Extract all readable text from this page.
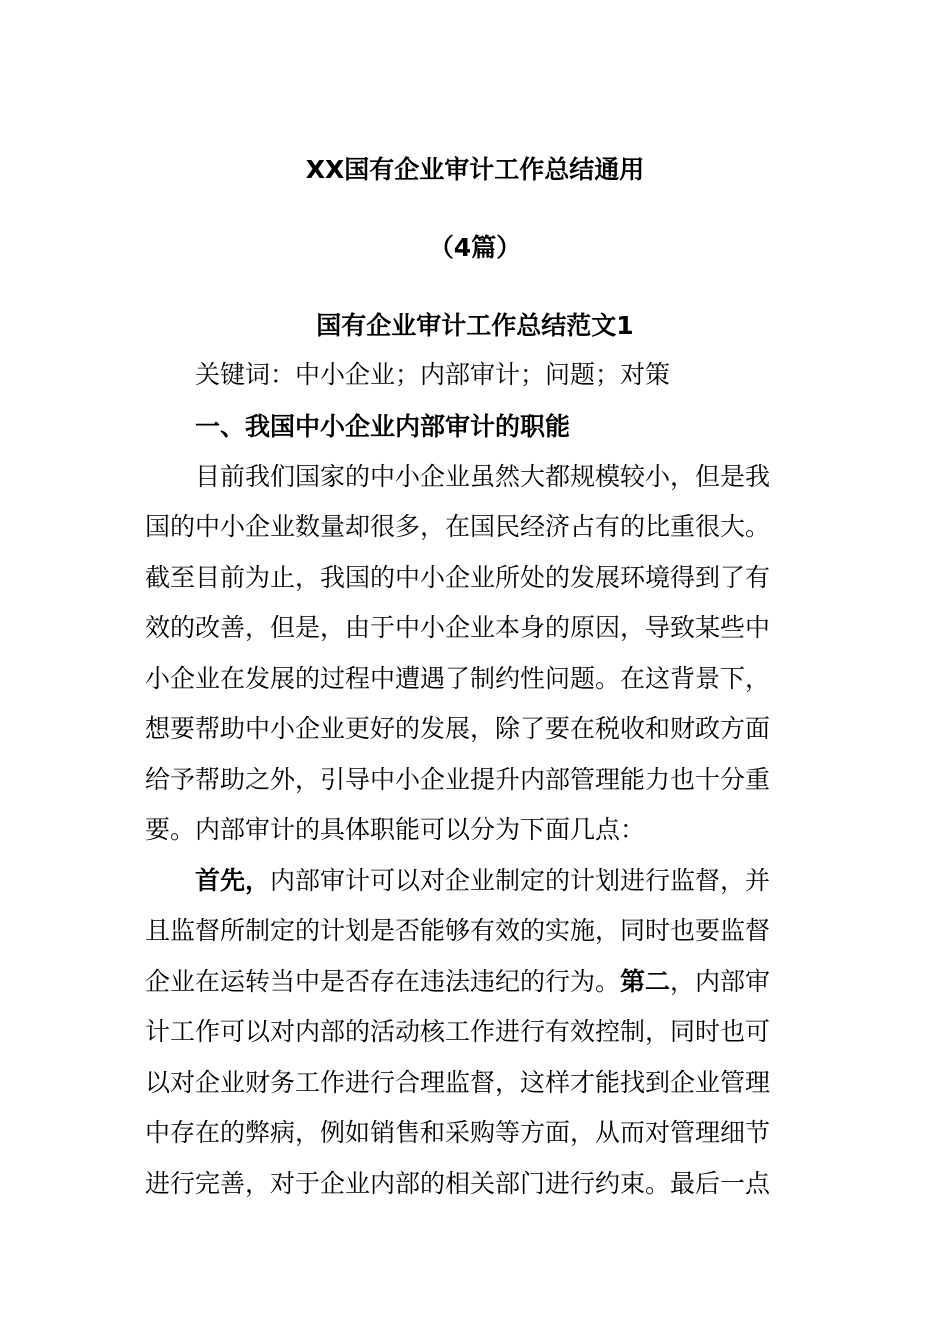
XX国有企业审计工作总结通用
（4篇）
国有企业审计工作总结范文1
关键词：中小企业；内部审计；问题；对策
一、我国中小企业内部审计的职能
目前我们国家的中小企业虽然大都规模较小，但是我
国的中小企业数量却很多，在国民经济占有的比重很大。
截至目前为止，我国的中小企业所处的发展环境得到了有
效的改善，但是，由于中小企业本身的原因，导致某些中
小企业在发展的过程中遭遇了制约性问题。在这背景下，
想要帮助中小企业更好的发展，除了要在税收和财政方面
给予帮助之外，引导中小企业提升内部管理能力也十分重
要。内部审计的具体职能可以分为下面几点：
首先，内部审计可以对企业制定的计划进行监督，并
且监督所制定的计划是否能够有效的实施，同时也要监督
企业在运转当中是否存在违法违纪的行为。第二，内部审
计工作可以对内部的活动核工作进行有效控制，同时也可
以对企业财务工作进行合理监督，这样才能找到企业管理
中存在的弊病，例如销售和采购等方面，从而对管理细节
进行完善，对于企业内部的相关部门进行约束。最后一点
